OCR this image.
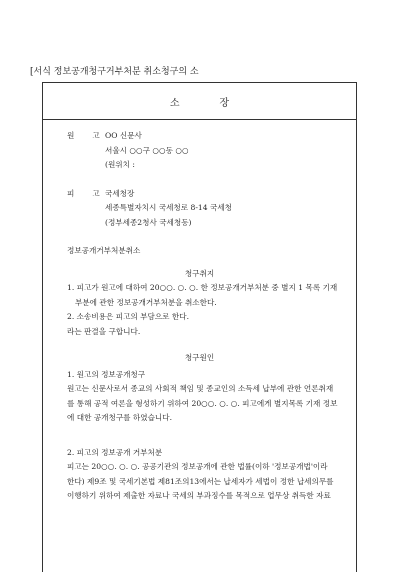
[서식 정보공개청구거부처분 취소청구의 소
소	장
원 고 OO 신문사
서울시 ○○구 ○○동 ○○
(원위치 :
피 고 국세청장
세종특별자치시 국세청로 8-14 국세청
(정부세종2청사 국세청동)
정보공개거부처분취소
청구취지
1. 피고가 원고에 대하여 20○○. ○. ○. 한 정보공개거부처분 중 별지 1 목록 기재
부분에 관한 정보공개거부처분을 취소한다.
2. 소송비용은 피고의 부담으로 한다.
라는 판결을 구합니다.
청구원인
1. 원고의 정보공개청구
원고는 신문사로서 종교의 사회적 책임 및 종교인의 소득세 납부에 관한 언론취재
를 통해 공적 여론을 형성하기 위하여 20○○. ○. ○. 피고에게 별지목록 기재 정보
에 대한 공개청구를 하였습니다.
2. 피고의 정보공개 거부처분
피고는 20○○. ○. ○. 공공기관의 정보공개에 관한 법률(이하 '정보공개법'이라
한다) 제9조 및 국세기본법 제81조의13에서는 납세자가 세법이 정한 납세의무를
이행하기 위하여 제출한 자료나 국세의 부과징수를 목적으로 업무상 취득한 자료
